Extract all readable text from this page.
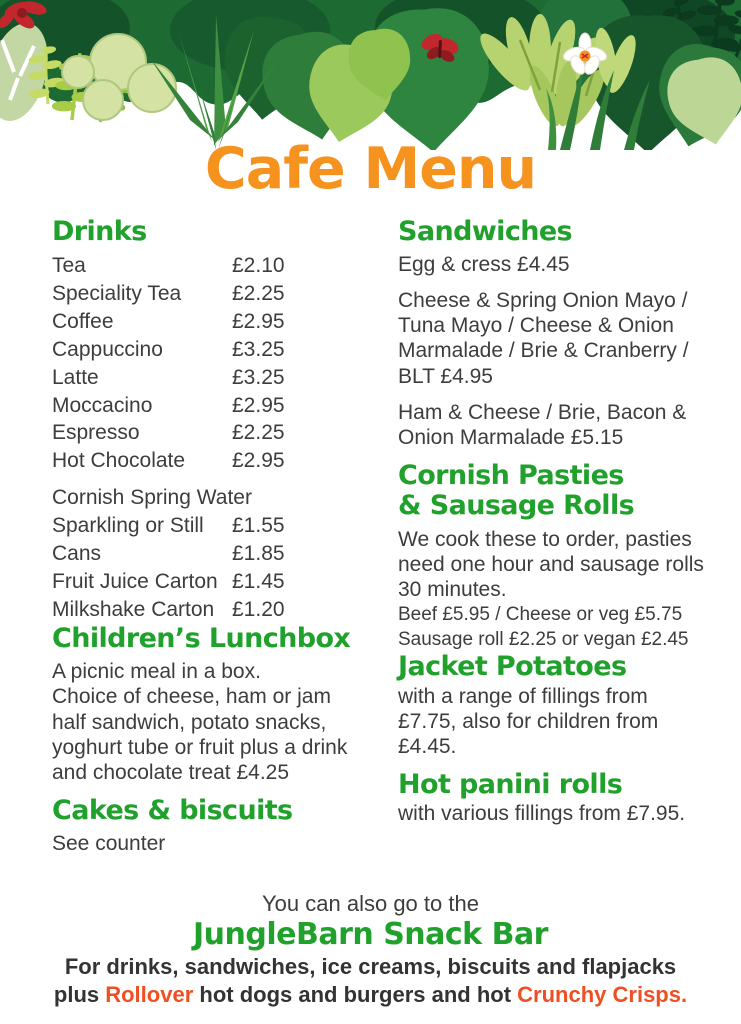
Cafe Menu
Drinks
Tea	£2.10
Speciality Tea	£2.25
Coffee	£2.95
Cappuccino	£3.25
Latte	£3.25
Moccacino	£2.95
Espresso	£2.25
Hot Chocolate	£2.95
Cornish Spring Water
Sparkling or Still	£1.55
Cans	£1.85
Fruit Juice Carton £1.45
Milkshake Carton £1.20
Children’s Lunchbox

A picnic meal in a box.

Choice of cheese, ham or jam half sandwich, potato snacks, yoghurt tube or fruit plus a drink and chocolate treat £4.25

Cakes & biscuits

See counter

Sandwiches

Egg & cress £4.45

Cheese & Spring Onion Mayo / Tuna Mayo / Cheese & Onion Marmalade / Brie & Cranberry / BLT £4.95

Ham & Cheese / Brie, Bacon & Onion Marmalade £5.15

Cornish Pasties
& Sausage Rolls

We cook these to order, pasties need one hour and sausage rolls 30 minutes.

Beef £5.95 / Cheese or veg £5.75

Sausage roll £2.25 or vegan £2.45

Jacket Potatoes

with a range of fillings from £7.75, also for children from £4.45.

Hot panini rolls

with various fillings from £7.95.

You can also go to the
JungleBarn Snack Bar
For drinks, sandwiches, ice creams, biscuits and flapjacks
plus Rollover hot dogs and burgers and hot Crunchy Crisps.
